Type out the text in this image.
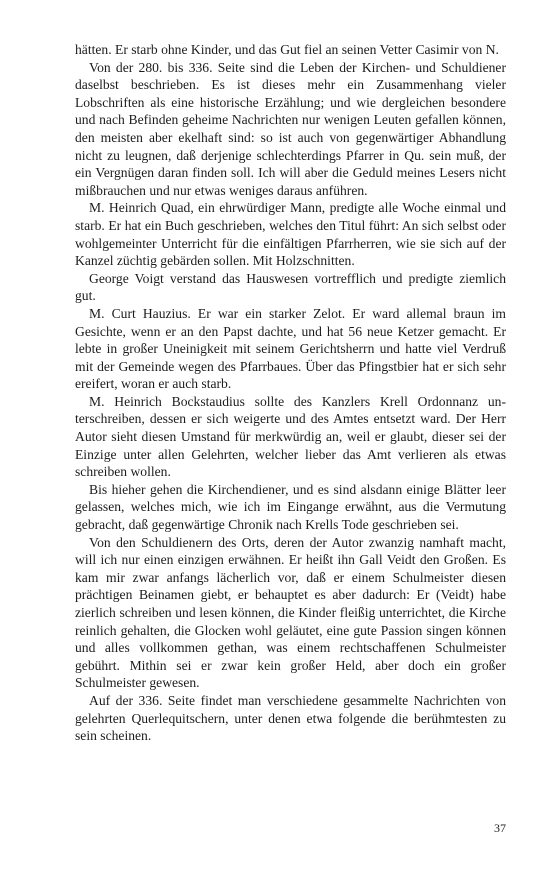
hätten. Er starb ohne Kinder, und das Gut fiel an seinen Vetter Casimir von N.

Von der 280. bis 336. Seite sind die Leben der Kirchen- und Schuldiener daselbst beschrieben. Es ist dieses mehr ein Zusammenhang vieler Lobschriften als eine historische Erzählung; und wie dergleichen besondere und nach Befinden geheime Nachrichten nur wenigen Leuten gefallen können, den meisten aber ekelhaft sind: so ist auch von gegenwärtiger Abhandlung nicht zu leugnen, daß derjenige schlechterdings Pfarrer in Qu. sein muß, der ein Vergnügen daran finden soll. Ich will aber die Geduld meines Lesers nicht mißbrauchen und nur etwas weniges daraus anführen.

M. Heinrich Quad, ein ehrwürdiger Mann, predigte alle Woche einmal und starb. Er hat ein Buch geschrieben, welches den Titul führt: An sich selbst oder wohlgemeinter Unterricht für die einfältigen Pfarrherren, wie sie sich auf der Kanzel züchtig gebärden sollen. Mit Holzschnitten.

George Voigt verstand das Hauswesen vortrefflich und predigte ziemlich gut.

M. Curt Hauzius. Er war ein starker Zelot. Er ward allemal braun im Gesichte, wenn er an den Papst dachte, und hat 56 neue Ketzer gemacht. Er lebte in großer Uneinigkeit mit seinem Gerichtsherrn und hatte viel Verdruß mit der Gemeinde wegen des Pfarrbaues. Über das Pfingstbier hat er sich sehr ereifert, woran er auch starb.

M. Heinrich Bockstaudius sollte des Kanzlers Krell Ordonnanz unterschreiben, dessen er sich weigerte und des Amtes entsetzt ward. Der Herr Autor sieht diesen Umstand für merkwürdig an, weil er glaubt, dieser sei der Einzige unter allen Gelehrten, welcher lieber das Amt verlieren als etwas schreiben wollen.

Bis hieher gehen die Kirchendiener, und es sind alsdann einige Blätter leer gelassen, welches mich, wie ich im Eingange erwähnt, aus die Vermutung gebracht, daß gegenwärtige Chronik nach Krells Tode geschrieben sei.

Von den Schuldienern des Orts, deren der Autor zwanzig namhaft macht, will ich nur einen einzigen erwähnen. Er heißt ihn Gall Veidt den Großen. Es kam mir zwar anfangs lächerlich vor, daß er einem Schulmeister diesen prächtigen Beinamen giebt, er behauptet es aber dadurch: Er (Veidt) habe zierlich schreiben und lesen können, die Kinder fleißig unterrichtet, die Kirche reinlich gehalten, die Glocken wohl geläutet, eine gute Passion singen können und alles vollkommen gethan, was einem rechtschaffenen Schulmeister gebührt. Mithin sei er zwar kein großer Held, aber doch ein großer Schulmeister gewesen.

Auf der 336. Seite findet man verschiedene gesammelte Nachrichten von gelehrten Querlequitschern, unter denen etwa folgende die berühmtesten zu sein scheinen.

37
